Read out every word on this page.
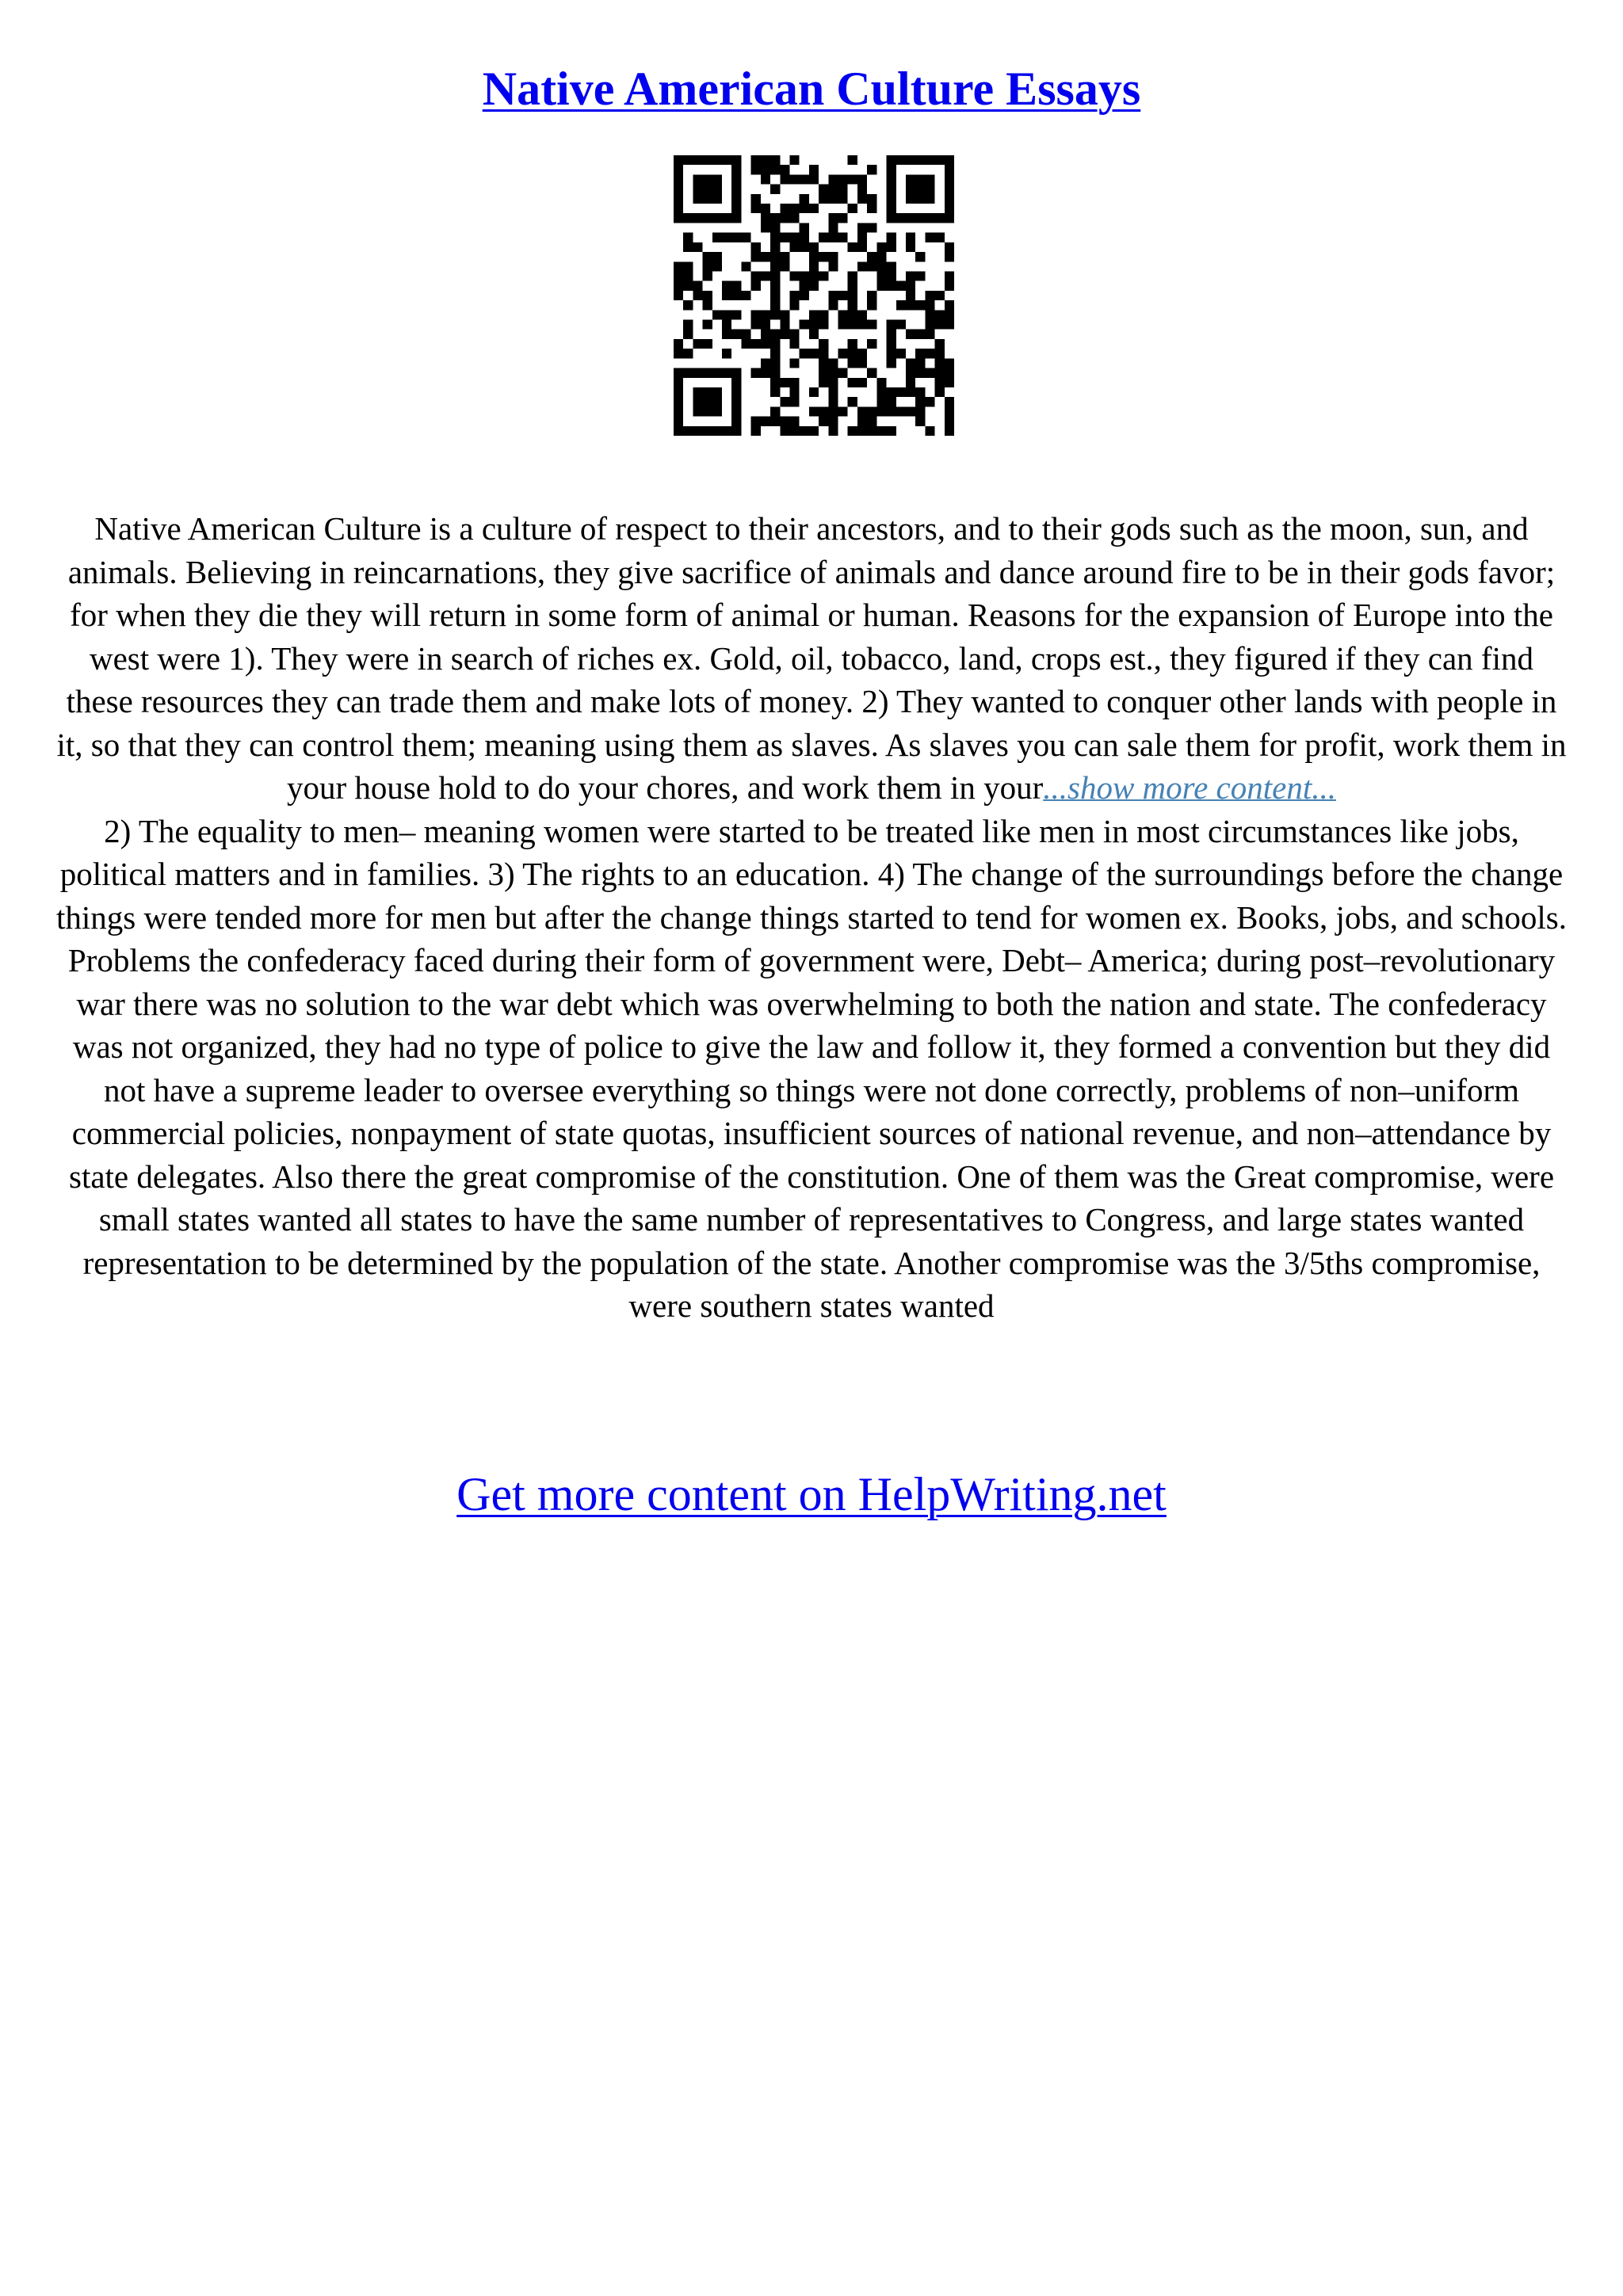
Native American Culture Essays

Native American Culture is a culture of respect to their ancestors, and to their gods such as the moon, sun, and animals. Believing in reincarnations, they give sacrifice of animals and dance around fire to be in their gods favor; for when they die they will return in some form of animal or human. Reasons for the expansion of Europe into the west were 1). They were in search of riches ex. Gold, oil, tobacco, land, crops est., they figured if they can find these resources they can trade them and make lots of money. 2) They wanted to conquer other lands with people in it, so that they can control them; meaning using them as slaves. As slaves you can sale them for profit, work them in your house hold to do your chores, and work them in your...show more content...
2) The equality to men– meaning women were started to be treated like men in most circumstances like jobs, political matters and in families. 3) The rights to an education. 4) The change of the surroundings before the change things were tended more for men but after the change things started to tend for women ex. Books, jobs, and schools. Problems the confederacy faced during their form of government were, Debt– America; during post–revolutionary war there was no solution to the war debt which was overwhelming to both the nation and state. The confederacy was not organized, they had no type of police to give the law and follow it, they formed a convention but they did not have a supreme leader to oversee everything so things were not done correctly, problems of non–uniform commercial policies, nonpayment of state quotas, insufficient sources of national revenue, and non–attendance by state delegates. Also there the great compromise of the constitution. One of them was the Great compromise, were small states wanted all states to have the same number of representatives to Congress, and large states wanted representation to be determined by the population of the state. Another compromise was the 3/5ths compromise, were southern states wanted

Get more content on HelpWriting.net
